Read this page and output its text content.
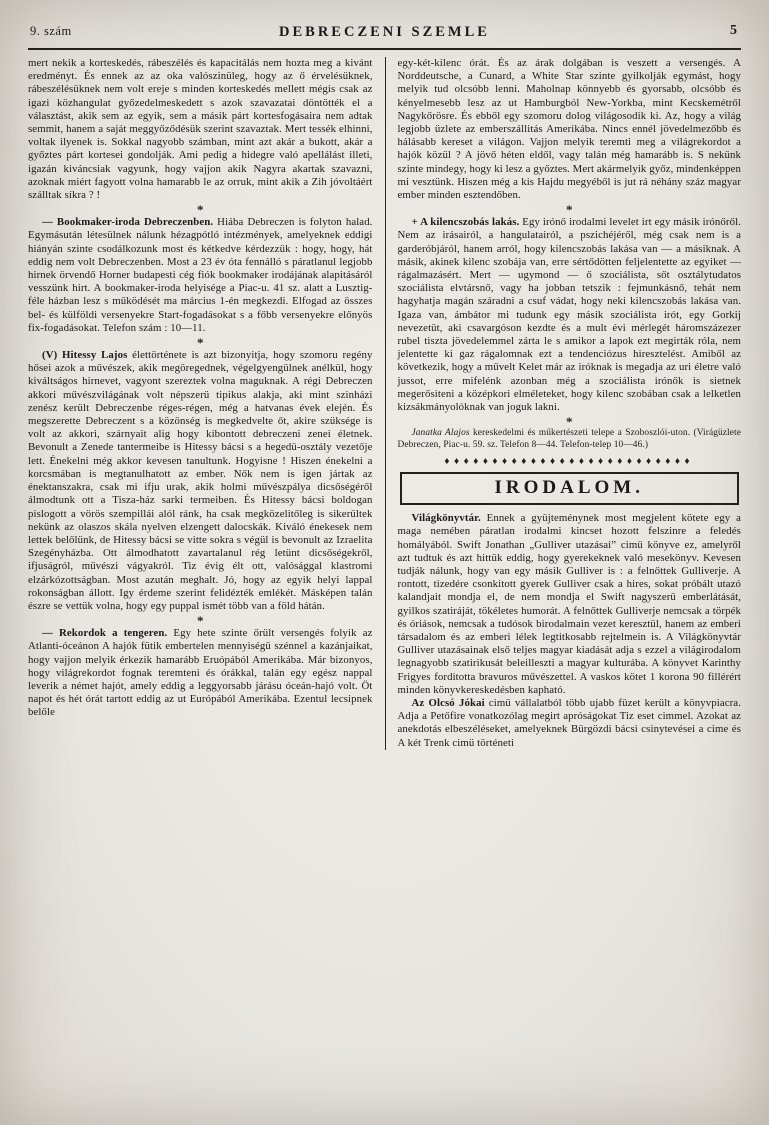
9. szám	DEBRECZENI SZEMLE	5

mert nekik a korteskedés, rábeszélés és kapacitálás nem hozta meg a kivánt eredményt. És ennek az az oka valószinüleg, hogy az ő érvelésüknek, rábeszélésüknek nem volt ereje s minden korteskedés mellett mégis csak az igazi közhangulat győzedelmeskedett s azok szavazatai döntötték el a választást, akik sem az egyik, sem a másik párt kortesfogásaira nem adtak semmit, hanem a saját meggyőződésük szerint szavaztak. Mert tessék elhinni, voltak ilyenek is. Sokkal nagyobb számban, mint azt akár a bukott, akár a győztes párt kortesei gondolják. Ami pedig a hidegre való apellálást illeti, igazán kiváncsiak vagyunk, hogy vajjon akik Nagyra akartak szavazni, azoknak miért fagyott volna hamarabb le az orruk, mint akik a Zih jóvoltáért szálltak síkra ? !

*

— Bookmaker-iroda Debreczenben. Hiába Debreczen is folyton halad. Egymásután létesülnek nálunk hézagpótló intézmények, amelyeknek eddigi hiányán szinte csodálkozunk most és kétkedve kérdezzük : hogy, hogy, hát eddig nem volt Debreczenben. Most a 23 év óta fennálló s páratlanul legjobb hirnek örvendő Horner budapesti cég fiók bookmaker irodájának alapitásáról vesszünk hirt. A bookmaker-iroda helyisége a Piac-u. 41 sz. alatt a Lusztig-féle házban lesz s működését ma március 1-én megkezdi. Elfogad az összes bel- és külföldi versenyekre Start-fogadásokat s a főbb versenyekre előnyös fix-fogadásokat. Telefon szám : 10—11.

*

(V) Hitessy Lajos élettörténete is azt bizonyitja, hogy szomoru regény hősei azok a művészek, akik megöregednek, végelgyengülnek anélkül, hogy kiváltságos hirnevet, vagyont szereztek volna maguknak. A régi Debreczen akkori művészvilágának volt népszerü tipikus alakja, aki mint szinházi zenész került Debreczenbe réges-régen, még a hatvanas évek elején. És megszerette Debreczent s a közönség is megkedvelte őt, akire szüksége is volt az akkori, szárnyait alig hogy kibontott debreczeni zenei életnek. Bevonult a Zenede tantermeibe is Hitessy bácsi s a hegedü-osztály vezetője lett. Énekelni még akkor kevesen tanultunk. Hogyisne ! Hiszen énekelni a korcsmában is megtanulhatott az ember. Nők nem is igen jártak az énektanszakra, csak mi ifju urak, akik holmi művészpálya dicsőségéről álmodtunk ott a Tisza-ház sarki termeiben. És Hitessy bácsi boldogan pislogott a vörös szempillái alól ránk, ha csak megközelitőleg is sikerültek nekünk az olaszos skála nyelven elzengett dalocskák. Kiváló énekesek nem lettek belőlünk, de Hitessy bácsi se vitte sokra s végül is bevonult az Izraelita Szegényházba. Ott álmodhatott zavartalanul rég letünt dicsőségekről, ifjuságról, művészi vágyakról. Tiz évig élt ott, valósággal klastromi elzárkózottságban. Most azután meghalt. Jó, hogy az egyik helyi lappal rokonságban állott. Igy érdeme szerint felidézték emlékét. Másképen talán észre se vettük volna, hogy egy puppal ismét több van a föld hátán.

*

— Rekordok a tengeren. Egy hete szinte őrült versengés folyik az Atlanti-óceánon A hajók fütik embertelen mennyiségü szénnel a kazánjaikat, hogy vajjon melyik érkezik hamarább Eruópából Amerikába. Már bizonyos, hogy világrekordot fognak teremteni és órákkal, talán egy egész nappal leverik a német hajót, amely eddig a leggyorsabb járásu óceán-hajó volt. Öt napot és hét órát tartott eddig az ut Európából Amerikába. Ezentul lecsipnek belőle

egy-két-kilenc órát. És az árak dolgában is veszett a versengés. A Norddeutsche, a Cunard, a White Star szinte gyilkolják egymást, hogy melyik tud olcsóbb lenni. Maholnap könnyebb és gyorsabb, olcsóbb és kényelmesebb lesz az ut Hamburgból New-Yorkba, mint Kecskemétről Nagykőrösre. És ebből egy szomoru dolog világosodik ki. Az, hogy a világ legjobb üzlete az emberszállitás Amerikába. Nincs ennél jövedelmezőbb és hálásabb kereset a világon. Vajjon melyik teremti meg a világrekordot a hajók közül ? A jövő héten eldől, vagy talán még hamarább is. S nekünk szinte mindegy, hogy ki lesz a győztes. Mert akármelyik győz, mindenképpen mi vesztünk. Hiszen még a kis Hajdu megyéből is jut rá néhány száz magyar ember minden esztendőben.

*

+ A kilencszobás lakás. Egy irónő irodalmi levelet irt egy másik irónőről. Nem az irásairól, a hangulatairól, a pszichéjéről, még csak nem is a garderóbjáról, hanem arról, hogy kilencszobás lakása van — a másiknak. A másik, akinek kilenc szobája van, erre sértődötten feljelentette az egyiket — rágalmazásért. Mert — ugymond — ő szociálista, sőt osztálytudatos szociálista elvtársnő, vagy ha jobban tetszik : fejmunkásnő, tehát nem hagyhatja magán száradni a csuf vádat, hogy neki kilencszobás lakása van. Igaza van, ámbátor mi tudunk egy másik szociálista irót, egy Gorkij nevezetüt, aki csavargóson kezdte és a mult évi mérlegét háromszázezer rubel tiszta jövedelemmel zárta le s amikor a lapok ezt megirták róla, nem jelentette ki gaz rágalomnak ezt a tendenciózus hiresztelést. Amiből az következik, hogy a művelt Kelet már az iróknak is megadja az uri életre való jussot, erre mifelénk azonban még a szociálista irónők is sietnek megerősiteni a középkori elméleteket, hogy kilenc szobában csak a lelketlen kizsákmányolóknak van joguk lakni.

*

Janatka Alajos kereskedelmi és műkertészeti telepe a Szoboszlói-uton. (Virágüzlete Debreczen, Piac-u. 59. sz. Telefon 8—44. Telefon-telep 10—46.)

♦♦♦♦♦♦♦♦♦♦♦♦♦♦♦♦♦♦♦♦♦♦♦♦♦♦
IRODALOM.

Világkönyvtár. Ennek a gyüjteménynek most megjelent kötete egy a maga nemében páratlan irodalmi kincset hozott felszinre a feledés homályából. Swift Jonathan „Gulliver utazásai” cimü könyve ez, amelyről azt tudtuk és azt hittük eddig, hogy gyerekeknek való mesekönyv. Kevesen tudják nálunk, hogy van egy másik Gulliver is : a felnőttek Gulliverje. A rontott, tizedére csonkitott gyerek Gulliver csak a hires, sokat próbált utazó kalandjait mondja el, de nem mondja el Swift nagyszerü emberlátását, gyilkos szatiráját, tökéletes humorát. A felnőttek Gulliverje nemcsak a törpék és óriások, nemcsak a tudósok birodalmain vezet keresztül, hanem az emberi társadalom és az emberi lélek legtitkosabb rejtelmein is. A Világkönyvtár Gulliver utazásainak első teljes magyar kiadását adja s ezzel a világirodalom legnagyobb szatirikusát beleilleszti a magyar kulturába. A könyvet Karinthy Frigyes forditotta bravuros művészettel. A vaskos kötet 1 korona 90 fillérért minden könyvkereskedésben kapható.

Az Olcsó Jókai cimü vállalatból több ujabb füzet került a könyvpiacra. Adja a Petőfire vonatkozólag megirt apróságokat Tiz eset cimmel. Azokat az anekdotás elbeszéléseket, amelyeknek Bürgözdi bácsi csinytevései a cime és A két Trenk cimü történeti
